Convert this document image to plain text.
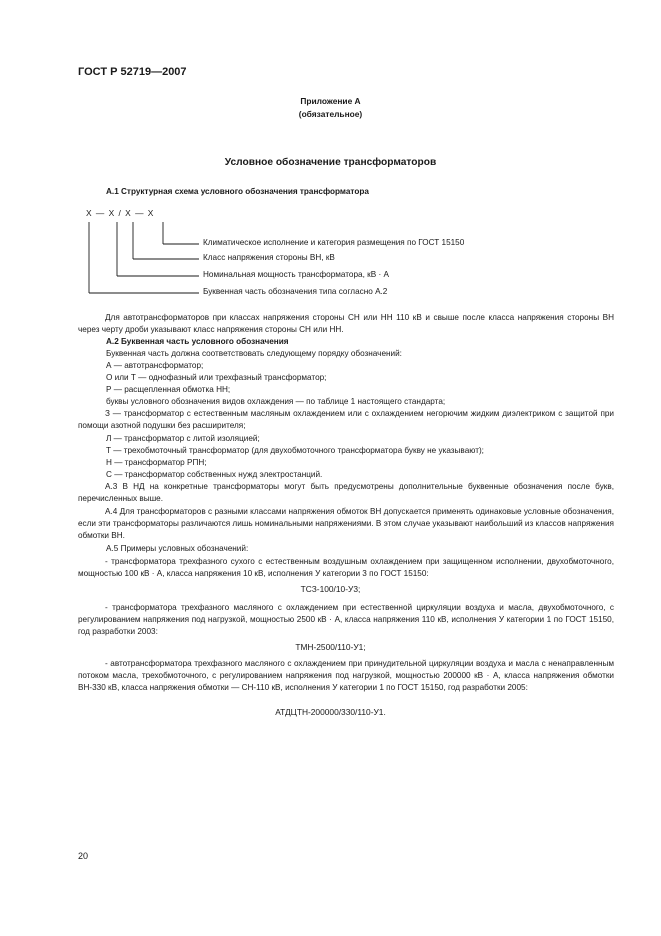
ГОСТ Р 52719—2007
Приложение А
(обязательное)
Условное обозначение трансформаторов
А.1 Структурная схема условного обозначения трансформатора
X — X / X — X
Климатическое исполнение и категория размещения по ГОСТ 15150
Класс напряжения стороны ВН, кВ
Номинальная мощность трансформатора, кВ · А
Буквенная часть обозначения типа согласно А.2
Для автотрансформаторов при классах напряжения стороны СН или НН 110 кВ и свыше после класса напряжения стороны ВН через черту дроби указывают класс напряжения стороны СН или НН.
А.2 Буквенная часть условного обозначения
Буквенная часть должна соответствовать следующему порядку обозначений:
А — автотрансформатор;
О или Т — однофазный или трехфазный трансформатор;
Р — расщепленная обмотка НН;
буквы условного обозначения видов охлаждения — по таблице 1 настоящего стандарта;
З — трансформатор с естественным масляным охлаждением или с охлаждением негорючим жидким диэлектриком с защитой при помощи азотной подушки без расширителя;
Л — трансформатор с литой изоляцией;
Т — трехобмоточный трансформатор (для двухобмоточного трансформатора букву не указывают);
Н — трансформатор РПН;
С — трансформатор собственных нужд электростанций.
А.3 В НД на конкретные трансформаторы могут быть предусмотрены дополнительные буквенные обозначения после букв, перечисленных выше.
А.4 Для трансформаторов с разными классами напряжения обмоток ВН допускается применять одинаковые условные обозначения, если эти трансформаторы различаются лишь номинальными напряжениями. В этом случае указывают наибольший из классов напряжения обмотки ВН.
А.5 Примеры условных обозначений:
- трансформатора трехфазного сухого с естественным воздушным охлаждением при защищенном исполнении, двухобмоточного, мощностью 100 кВ · А, класса напряжения 10 кВ, исполнения У категории 3 по ГОСТ 15150:
ТСЗ-100/10-У3;
- трансформатора трехфазного масляного с охлаждением при естественной циркуляции воздуха и масла, двухобмоточного, с регулированием напряжения под нагрузкой, мощностью 2500 кВ · А, класса напряжения 110 кВ, исполнения У категории 1 по ГОСТ 15150, год разработки 2003:
ТМН-2500/110-У1;
- автотрансформатора трехфазного масляного с охлаждением при принудительной циркуляции воздуха и масла с ненаправленным потоком масла, трехобмоточного, с регулированием напряжения под нагрузкой, мощностью 200000 кВ · А, класса напряжения обмотки ВН-330 кВ, класса напряжения обмотки — СН-110 кВ, исполнения У категории 1 по ГОСТ 15150, год разработки 2005:
АТДЦТН-200000/330/110-У1.
20
